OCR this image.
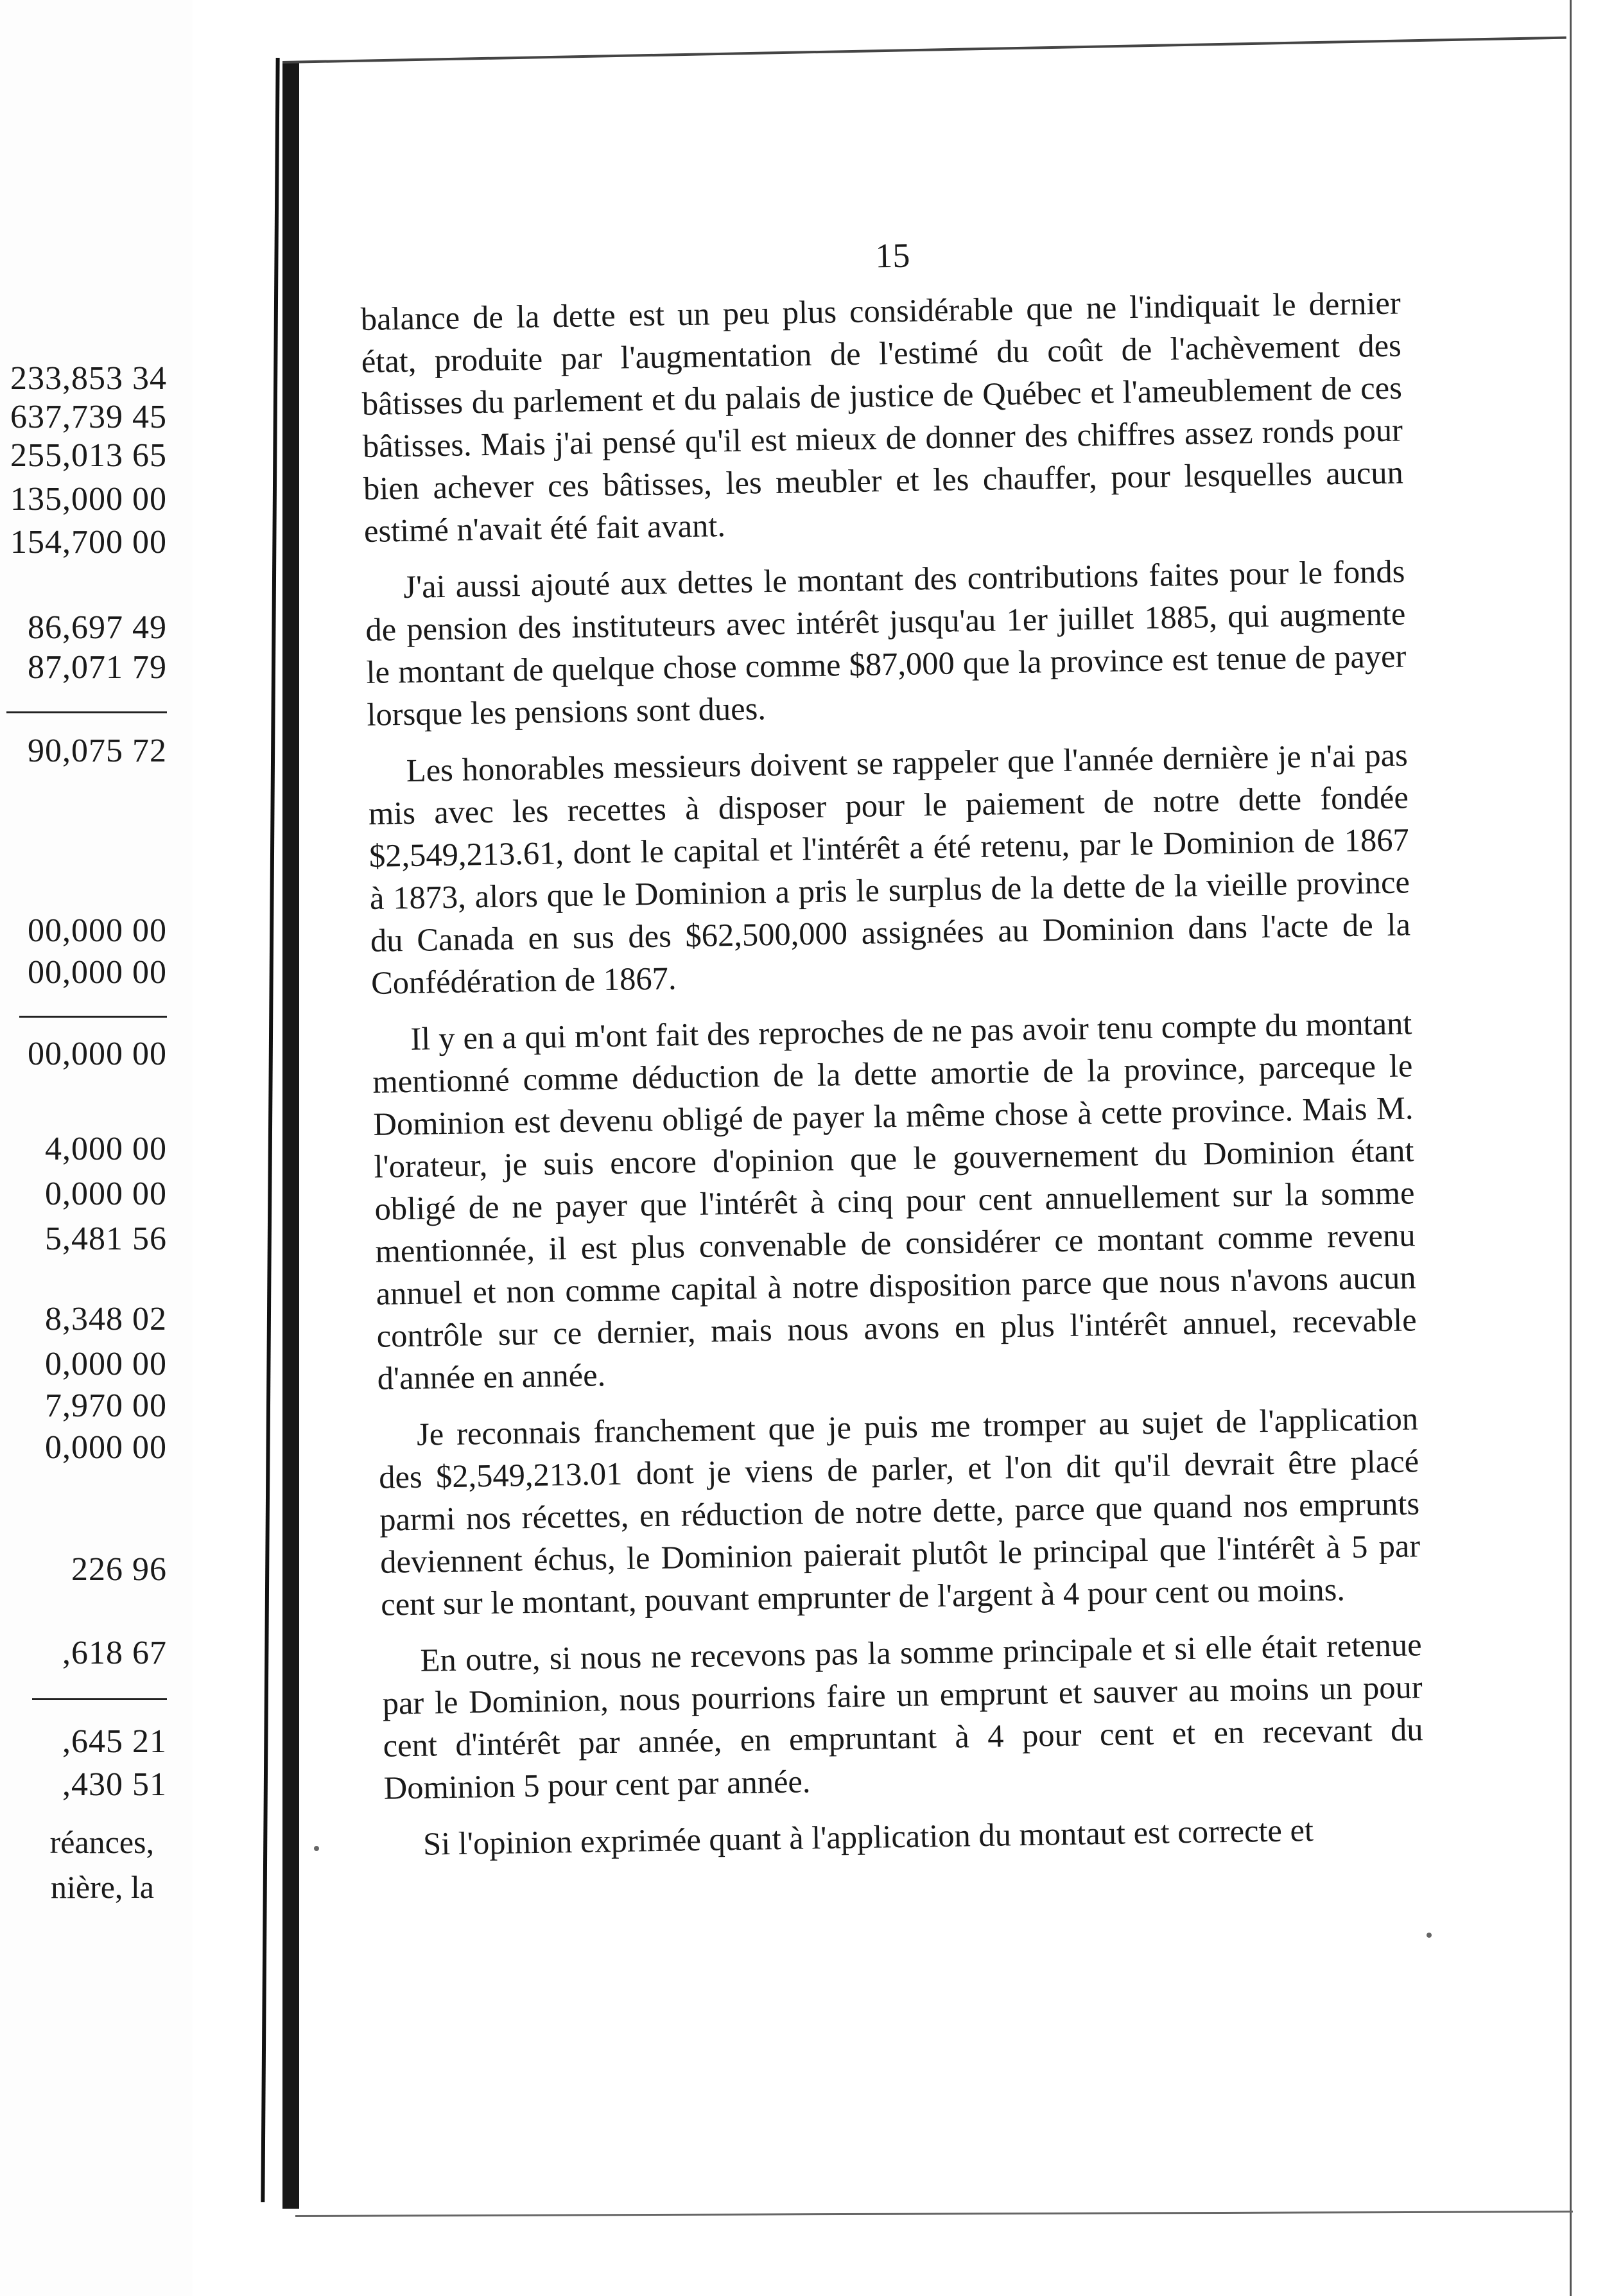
233,853 34
637,739 45
255,013 65
135,000 00
154,700 00
86,697 49
87,071 79
90,075 72
00,000 00
00,000 00
00,000 00
4,000 00
0,000 00
5,481 56
8,348 02
0,000 00
7,970 00
0,000 00
226 96
,618 67
,645 21
,430 51
réances,
nière, la
15

balance de la dette est un peu plus considérable que ne l'indiquait le dernier état, produite par l'augmentation de l'estimé du coût de l'achèvement des bâtisses du parlement et du palais de justice de Québec et l'ameublement de ces bâtisses. Mais j'ai pensé qu'il est mieux de donner des chiffres assez ronds pour bien achever ces bâtisses, les meubler et les chauffer, pour lesquelles aucun estimé n'avait été fait avant.

J'ai aussi ajouté aux dettes le montant des contributions faites pour le fonds de pension des instituteurs avec intérêt jusqu'au 1er juillet 1885, qui augmente le montant de quelque chose comme $87,000 que la province est tenue de payer lorsque les pensions sont dues.

Les honorables messieurs doivent se rappeler que l'année dernière je n'ai pas mis avec les recettes à disposer pour le paiement de notre dette fondée $2,549,213.61, dont le capital et l'intérêt a été retenu, par le Dominion de 1867 à 1873, alors que le Dominion a pris le surplus de la dette de la vieille province du Canada en sus des $62,500,000 assignées au Dominion dans l'acte de la Confédération de 1867.

Il y en a qui m'ont fait des reproches de ne pas avoir tenu compte du montant mentionné comme déduction de la dette amortie de la province, parceque le Dominion est devenu obligé de payer la même chose à cette province. Mais M. l'orateur, je suis encore d'opinion que le gouvernement du Dominion étant obligé de ne payer que l'intérêt à cinq pour cent annuellement sur la somme mentionnée, il est plus convenable de considérer ce montant comme revenu annuel et non comme capital à notre disposition parce que nous n'avons aucun contrôle sur ce dernier, mais nous avons en plus l'intérêt annuel, recevable d'année en année.

Je reconnais franchement que je puis me tromper au sujet de l'application des $2,549,213.01 dont je viens de parler, et l'on dit qu'il devrait être placé parmi nos récettes, en réduction de notre dette, parce que quand nos emprunts deviennent échus, le Dominion paierait plutôt le principal que l'intérêt à 5 par cent sur le montant, pouvant emprunter de l'argent à 4 pour cent ou moins.

En outre, si nous ne recevons pas la somme principale et si elle était retenue par le Dominion, nous pourrions faire un emprunt et sauver au moins un pour cent d'intérêt par année, en empruntant à 4 pour cent et en recevant du Dominion 5 pour cent par année.

Si l'opinion exprimée quant à l'application du montaut est correcte et
